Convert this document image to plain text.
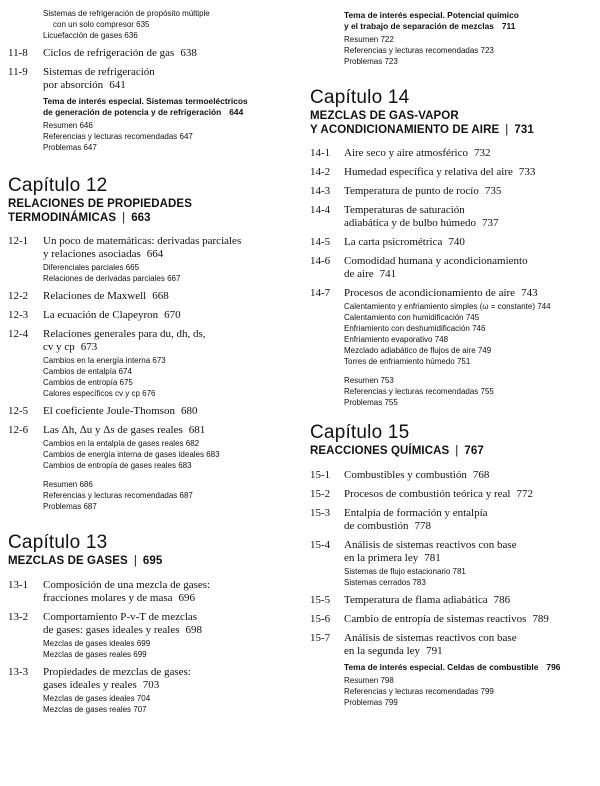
Sistemas de refrigeración de propósito múltiple
con un solo compresor 635
Licuefacción de gases 636
11-8	Ciclos de refrigeración de gas 638
11-9	Sistemas de refrigeración
por absorción 641
Tema de interés especial. Sistemas termoeléctricos
de generación de potencia y de refrigeración 644
Resumen 646
Referencias y lecturas recomendadas 647
Problemas 647
Capítulo 12
RELACIONES DE PROPIEDADES
TERMODINÁMICAS | 663
12-1	Un poco de matemáticas: derivadas parciales
y relaciones asociadas 664
Diferenciales parciales 665
Relaciones de derivadas parciales 667
12-2	Relaciones de Maxwell 668
12-3	La ecuación de Clapeyron 670
12-4	Relaciones generales para du, dh, ds,
cv y cp 673
Cambios en la energía interna 673
Cambios de entalpía 674
Cambios de entropía 675
Calores específicos cv y cp 676
12-5	El coeficiente Joule-Thomson 680
12-6	Las Δh, Δu y Δs de gases reales 681
Cambios en la entalpía de gases reales 682
Cambios de energía interna de gases ideales 683
Cambios de entropía de gases reales 683
Resumen 686
Referencias y lecturas recomendadas 687
Problemas 687
Capítulo 13
MEZCLAS DE GASES | 695
13-1	Composición de una mezcla de gases:
fracciones molares y de masa 696
13-2	Comportamiento P-v-T de mezclas
de gases: gases ideales y reales 698
Mezclas de gases ideales 699
Mezclas de gases reales 699
13-3	Propiedades de mezclas de gases:
gases ideales y reales 703
Mezclas de gases ideales 704
Mezclas de gases reales 707
Tema de interés especial. Potencial químico
y el trabajo de separación de mezclas 711
Resumen 722
Referencias y lecturas recomendadas 723
Problemas 723
Capítulo 14
MEZCLAS DE GAS-VAPOR
Y ACONDICIONAMIENTO DE AIRE | 731
14-1	Aire seco y aire atmosférico 732
14-2	Humedad específica y relativa del aire 733
14-3	Temperatura de punto de rocío 735
14-4	Temperaturas de saturación
adiabática y de bulbo húmedo 737
14-5	La carta psicrométrica 740
14-6	Comodidad humana y acondicionamiento
de aire 741
14-7	Procesos de acondicionamiento de aire 743
Calentamiento y enfriamiento simples (ω = constante) 744
Calentamiento con humidificación 745
Enfriamiento con deshumidificación 746
Enfriamiento evaporativo 748
Mezclado adiabático de flujos de aire 749
Torres de enfriamiento húmedo 751
Resumen 753
Referencias y lecturas recomendadas 755
Problemas 755
Capítulo 15
REACCIONES QUÍMICAS | 767
15-1	Combustibles y combustión 768
15-2	Procesos de combustión teórica y real 772
15-3	Entalpía de formación y entalpía
de combustión 778
15-4	Análisis de sistemas reactivos con base
en la primera ley 781
Sistemas de flujo estacionario 781
Sistemas cerrados 783
15-5	Temperatura de flama adiabática 786
15-6	Cambio de entropía de sistemas reactivos 789
15-7	Análisis de sistemas reactivos con base
en la segunda ley 791
Tema de interés especial. Celdas de combustible 796
Resumen 798
Referencias y lecturas recomendadas 799
Problemas 799
